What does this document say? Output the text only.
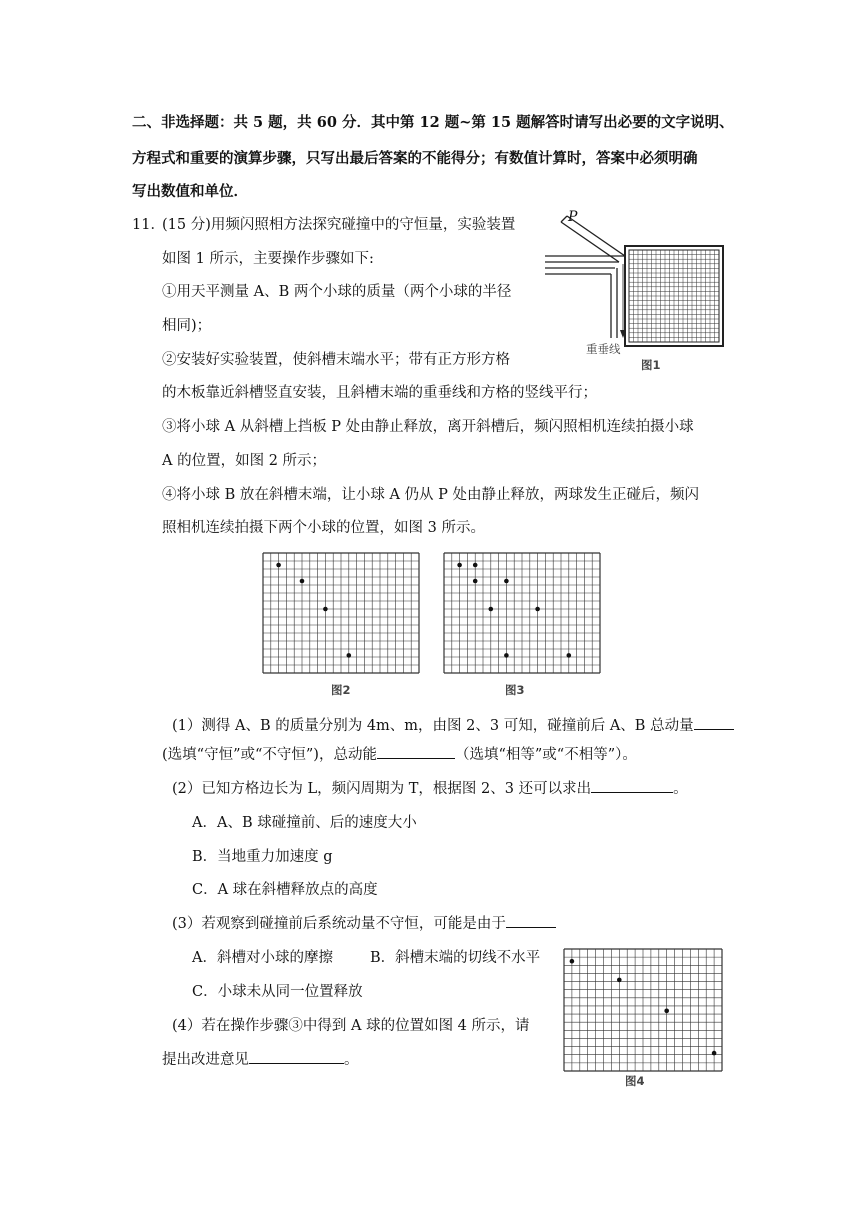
二、非选择题：共 5 题，共 60 分．其中第 12 题~第 15 题解答时请写出必要的文字说明、
方程式和重要的演算步骤，只写出最后答案的不能得分；有数值计算时，答案中必须明确
写出数值和单位．
11．
(15 分)用频闪照相方法探究碰撞中的守恒量，实验装置
如图 1 所示，主要操作步骤如下:
①用天平测量 A、B 两个小球的质量（两个小球的半径
相同)；
②安装好实验装置，使斜槽末端水平；带有正方形方格
的木板靠近斜槽竖直安装，且斜槽末端的重垂线和方格的竖线平行；
③将小球 A 从斜槽上挡板 P 处由静止释放，离开斜槽后，频闪照相机连续拍摄小球
A 的位置，如图 2 所示；
④将小球 B 放在斜槽末端，让小球 A 仍从 P 处由静止释放，两球发生正碰后，频闪
照相机连续拍摄下两个小球的位置，如图 3 所示。
P
重垂线
图1
图2	图3
(1）测得 A、B 的质量分别为 4m、m，由图 2、3 可知，碰撞前后 A、B 总动量
(选填“守恒”或“不守恒”)，总动能	（选填“相等”或“不相等”）。
(2）已知方格边长为 L，频闪周期为 T，根据图 2、3 还可以求出	。
A．A、B 球碰撞前、后的速度大小
B．当地重力加速度 g
C．A 球在斜槽释放点的高度
(3）若观察到碰撞前后系统动量不守恒，可能是由于
A．斜槽对小球的摩擦	B．斜槽末端的切线不水平
C．小球未从同一位置释放
(4）若在操作步骤③中得到 A 球的位置如图 4 所示，请
提出改进意见	。
图4
